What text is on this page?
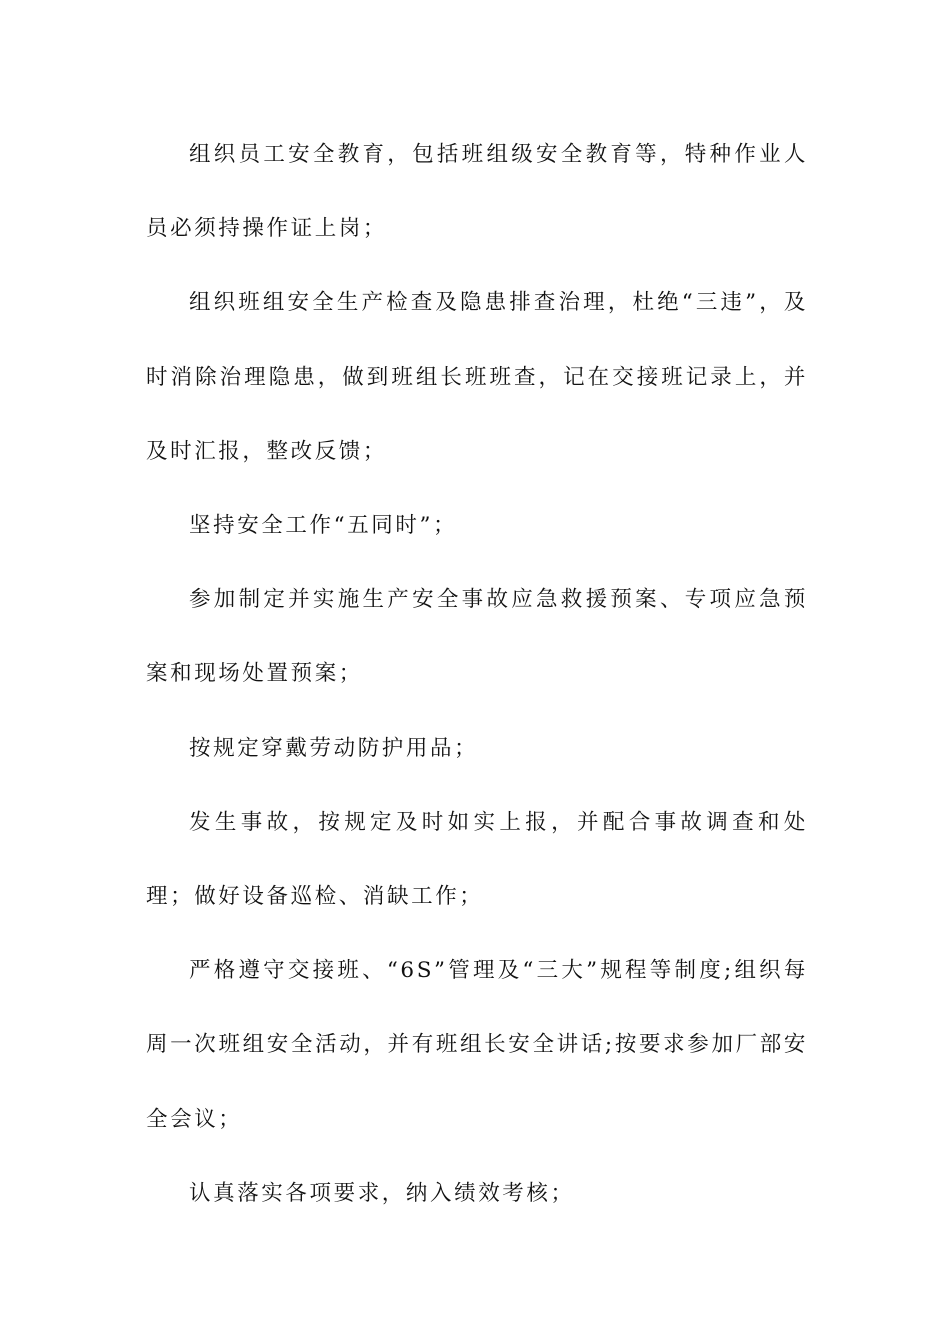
组织员工安全教育，包括班组级安全教育等，特种作业人员必须持操作证上岗；

组织班组安全生产检查及隐患排查治理，杜绝“三违”，及时消除治理隐患，做到班组长班班查，记在交接班记录上，并及时汇报，整改反馈；

坚持安全工作“五同时”；

参加制定并实施生产安全事故应急救援预案、专项应急预案和现场处置预案；

按规定穿戴劳动防护用品；

发生事故，按规定及时如实上报，并配合事故调查和处理；做好设备巡检、消缺工作；

严格遵守交接班、“6S”管理及“三大”规程等制度;组织每周一次班组安全活动，并有班组长安全讲话;按要求参加厂部安全会议；

认真落实各项要求，纳入绩效考核；
